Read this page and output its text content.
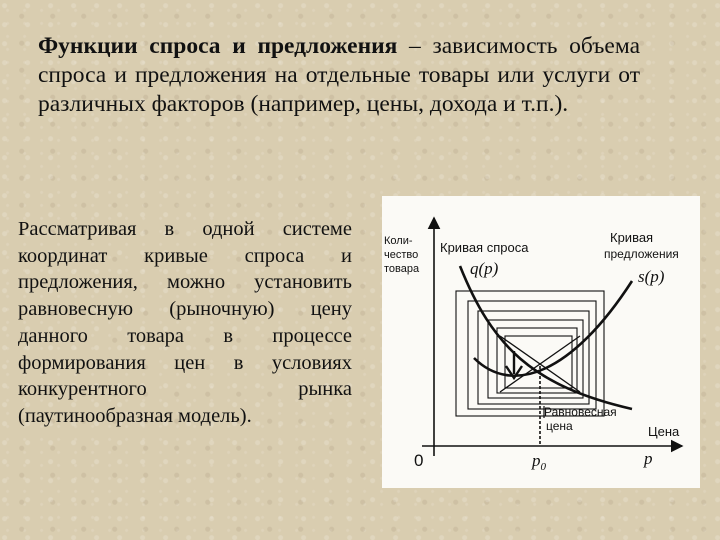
Функции спроса и предложения – зависимость объема спроса и предложения на отдельные товары или услуги от различных факторов (например, цены, дохода и т.п.).

Рассматривая в одной системе координат кривые спроса и предложения, можно установить равновесную (рыночную) цену данного товара в процессе формирования цен в условиях конкурентного рынка (паутинообразная модель).

Коли-
чество
товара
Кривая спроса
q(p)
Кривая
предложения
s(p)
Равновесная
цена	Цена
0	$p_0$	p
